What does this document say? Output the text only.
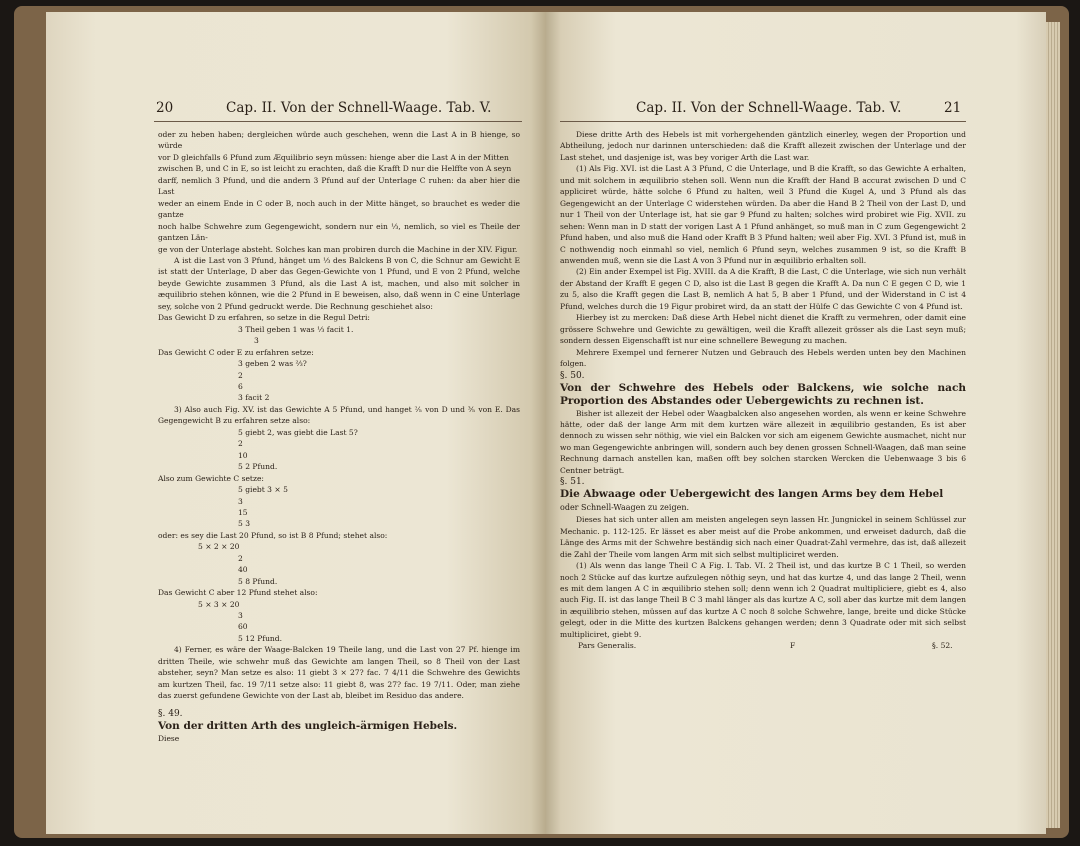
20	Cap. II. Von der Schnell-Waage. Tab. V.

oder zu heben haben; dergleichen würde auch geschehen, wenn die Last A in B hienge, so würde

vor D gleichfalls 6 Pfund zum Æquilibrio seyn müssen: hienge aber die Last A in der Mitten

zwischen B, und C in E, so ist leicht zu erachten, daß die Krafft D nur die Helffte von A seyn

darff, nemlich 3 Pfund, und die andern 3 Pfund auf der Unterlage C ruhen: da aber hier die Last

weder an einem Ende in C oder B, noch auch in der Mitte hänget, so brauchet es weder die gantze

noch halbe Schwehre zum Gegengewicht, sondern nur ein ⅓, nemlich, so viel es Theile der gantzen Län-

ge von der Unterlage absteht. Solches kan man probiren durch die Machine in der XIV. Figur.

A ist die Last von 3 Pfund, hänget um ⅓ des Balckens B von C, die Schnur am Gewicht E ist statt der Unterlage, D aber das Gegen-Gewichte von 1 Pfund, und E von 2 Pfund, welche beyde Gewichte zusammen 3 Pfund, als die Last A ist, machen, und also mit solcher in æquilibrio stehen können, wie die 2 Pfund in E beweisen, also, daß wenn in C eine Unterlage sey, solche von 2 Pfund gedruckt werde. Die Rechnung geschiehet also:

Das Gewicht D zu erfahren, so setze in die Regul Detri:

3 Theil geben 1 was ⅓ facit 1.
3

Das Gewicht C oder E zu erfahren setze:

3 geben 2 was ⅔?
2
6
3 facit 2

3) Also auch Fig. XV. ist das Gewichte A 5 Pfund, und hanget ⅖ von D und ⅗ von E. Das Gegengewicht B zu erfahren setze also:

5 giebt 2, was giebt die Last 5?
2
10
5 2 Pfund.

Also zum Gewichte C setze:

5 giebt 3 × 5
3
15
5 3

oder: es sey die Last 20 Pfund, so ist B 8 Pfund; stehet also:

5 × 2 × 20
2
40
5 8 Pfund.

Das Gewicht C aber 12 Pfund stehet also:

5 × 3 × 20
3
60
5 12 Pfund.

4) Ferner, es wäre der Waage-Balcken 19 Theile lang, und die Last von 27 Pf. hienge im dritten Theile, wie schwehr muß das Gewichte am langen Theil, so 8 Theil von der Last absteher, seyn? Man setze es also: 11 giebt 3 × 27? fac. 7 4/11 die Schwehre des Gewichts am kurtzen Theil, fac. 19 7/11 setze also: 11 giebt 8, was 27? fac. 19 7/11. Oder, man ziehe das zuerst gefundene Gewichte von der Last ab, bleibet im Residuo das andere.

§. 49.

Von der dritten Arth des ungleich-ärmigen Hebels.

Diese

Cap. II. Von der Schnell-Waage. Tab. V.	21

Diese dritte Arth des Hebels ist mit vorhergehenden gäntzlich einerley, wegen der Proportion und Abtheilung, jedoch nur darinnen unterschieden: daß die Krafft allezeit zwischen der Unterlage und der Last stehet, und dasjenige ist, was bey voriger Arth die Last war.

(1) Als Fig. XVI. ist die Last A 3 Pfund, C die Unterlage, und B die Krafft, so das Gewichte A erhalten, und mit solchem in æquilibrio stehen soll. Wenn nun die Krafft der Hand B accurat zwischen D und C appliciret würde, hätte solche 6 Pfund zu halten, weil 3 Pfund die Kugel A, und 3 Pfund als das Gegengewicht an der Unterlage C widerstehen würden. Da aber die Hand B 2 Theil von der Last D, und nur 1 Theil von der Unterlage ist, hat sie gar 9 Pfund zu halten; solches wird probiret wie Fig. XVII. zu sehen: Wenn man in D statt der vorigen Last A 1 Pfund anhänget, so muß man in C zum Gegengewicht 2 Pfund haben, und also muß die Hand oder Krafft B 3 Pfund halten; weil aber Fig. XVI. 3 Pfund ist, muß in C nothwendig noch einmahl so viel, nemlich 6 Pfund seyn, welches zusammen 9 ist, so die Krafft B anwenden muß, wenn sie die Last A von 3 Pfund nur in æquilibrio erhalten soll.

(2) Ein ander Exempel ist Fig. XVIII. da A die Krafft, B die Last, C die Unterlage, wie sich nun verhält der Abstand der Krafft E gegen C D, also ist die Last B gegen die Krafft A. Da nun C E gegen C D, wie 1 zu 5, also die Krafft gegen die Last B, nemlich A hat 5, B aber 1 Pfund, und der Widerstand in C ist 4 Pfund, welches durch die 19 Figur probiret wird, da an statt der Hülfe C das Gewichte C von 4 Pfund ist.

Hierbey ist zu mercken: Daß diese Arth Hebel nicht dienet die Krafft zu vermehren, oder damit eine grössere Schwehre und Gewichte zu gewältigen, weil die Krafft allezeit grösser als die Last seyn muß; sondern dessen Eigenschafft ist nur eine schnellere Bewegung zu machen.

Mehrere Exempel und fernerer Nutzen und Gebrauch des Hebels werden unten bey den Machinen folgen.

§. 50.

Von der Schwehre des Hebels oder Balckens, wie solche nach Proportion des Abstandes oder Uebergewichts zu rechnen ist.

Bisher ist allezeit der Hebel oder Waagbalcken also angesehen worden, als wenn er keine Schwehre hätte, oder daß der lange Arm mit dem kurtzen wäre allezeit in æquilibrio gestanden, Es ist aber dennoch zu wissen sehr nöthig, wie viel ein Balcken vor sich am eigenem Gewichte ausmachet, nicht nur wo man Gegengewichte anbringen will, sondern auch bey denen grossen Schnell-Waagen, daß man seine Rechnung darnach anstellen kan, maßen offt bey solchen starcken Wercken die Uebenwaage 3 bis 6 Centner beträgt.

§. 51.

Die Abwaage oder Uebergewicht des langen Arms bey dem Hebel

oder Schnell-Waagen zu zeigen.

Dieses hat sich unter allen am meisten angelegen seyn lassen Hr. Jungnickel in seinem Schlüssel zur Mechanic. p. 112-125. Er lässet es aber meist auf die Probe ankommen, und erweiset dadurch, daß die Länge des Arms mit der Schwehre beständig sich nach einer Quadrat-Zahl vermehre, das ist, daß allezeit die Zahl der Theile vom langen Arm mit sich selbst multipliciret werden.

(1) Als wenn das lange Theil C A Fig. I. Tab. VI. 2 Theil ist, und das kurtze B C 1 Theil, so werden noch 2 Stücke auf das kurtze aufzulegen nöthig seyn, und hat das kurtze 4, und das lange 2 Theil, wenn es mit dem langen A C in æquilibrio stehen soll; denn wenn ich 2 Quadrat multipliciere, giebt es 4, also auch Fig. II. ist das lange Theil B C 3 mahl länger als das kurtze A C, soll aber das kurtze mit dem langen in æquilibrio stehen, müssen auf das kurtze A C noch 8 solche Schwehre, lange, breite und dicke Stücke gelegt, oder in die Mitte des kurtzen Balckens gehangen werden; denn 3 Quadrate oder mit sich selbst multipliciret, giebt 9.

Pars Generalis.	F	§. 52.
